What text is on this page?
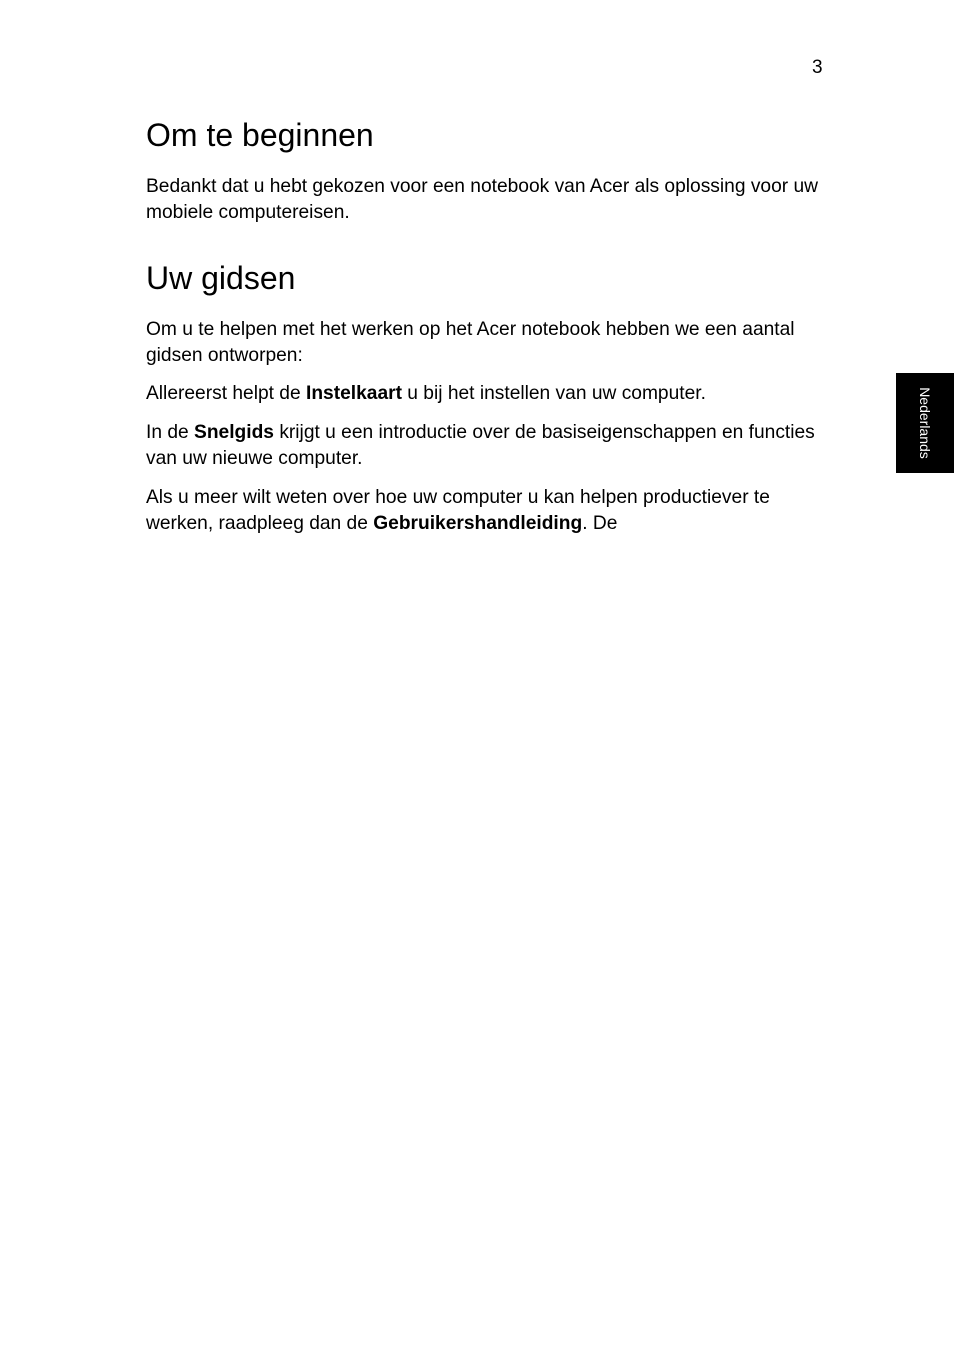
3
Om te beginnen

Bedankt dat u hebt gekozen voor een notebook van Acer als oplossing voor uw mobiele computereisen.

Uw gidsen

Om u te helpen met het werken op het Acer notebook hebben we een aantal gidsen ontworpen:

Allereerst helpt de Instelkaart u bij het instellen van uw computer.

In de Snelgids krijgt u een introductie over de basiseigenschappen en functies van uw nieuwe computer.

Als u meer wilt weten over hoe uw computer u kan helpen productiever te werken, raadpleeg dan de Gebruikershandleiding. De

Nederlands
